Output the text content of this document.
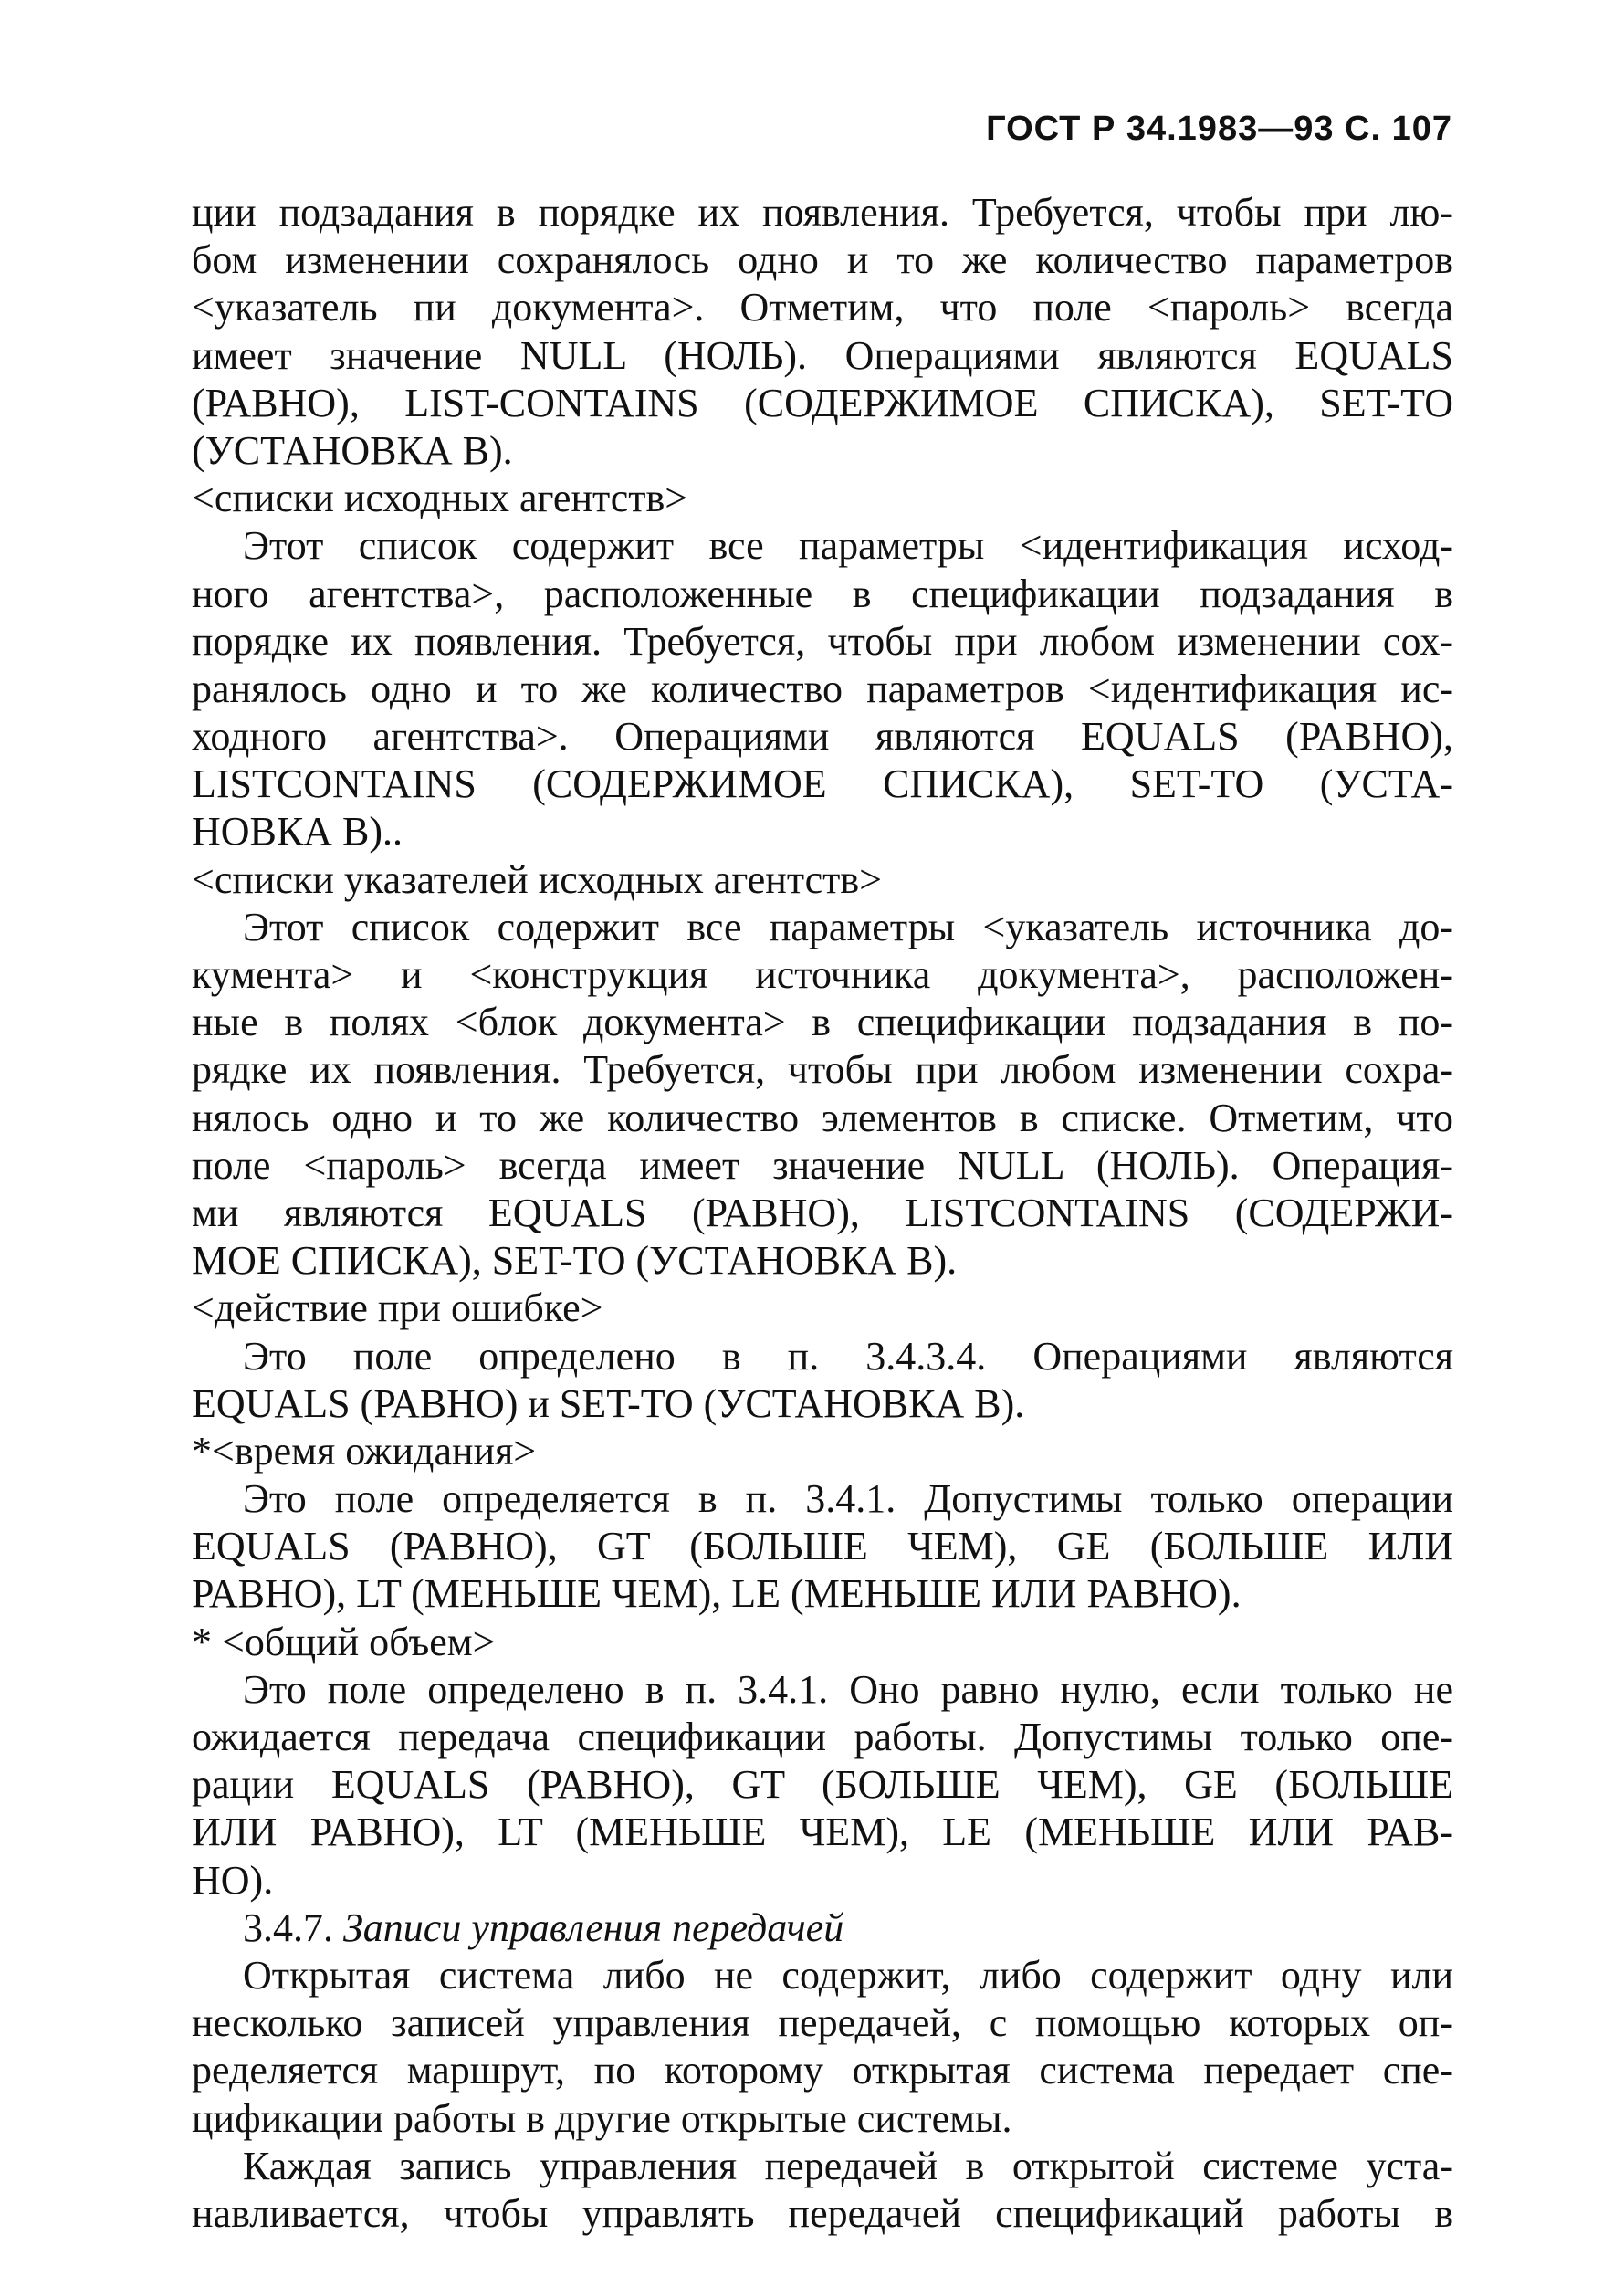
ГОСТ Р 34.1983—93 С. 107
ции подзадания в порядке их появления. Требуется, чтобы при лю-
бом изменении сохранялось одно и то же количество параметров
<указатель пи документа>. Отметим, что поле <пароль> всегда
имеет значение NULL (НОЛЬ). Операциями являются EQUALS
(РАВНО), LIST-CONTAINS (СОДЕРЖИМОЕ СПИСКА), SET-TO
(УСТАНОВКА В).
<списки исходных агентств>
Этот список содержит все параметры <идентификация исход-
ного агентства>, расположенные в спецификации подзадания в
порядке их появления. Требуется, чтобы при любом изменении сох-
ранялось одно и то же количество параметров <идентификация ис-
ходного агентства>. Операциями являются EQUALS (РАВНО),
LISTCONTAINS (СОДЕРЖИМОЕ СПИСКА), SET-TO (УСТА-
НОВКА В)..
<списки указателей исходных агентств>
Этот список содержит все параметры <указатель источника до-
кумента> и <конструкция источника документа>, расположен-
ные в полях <блок документа> в спецификации подзадания в по-
рядке их появления. Требуется, чтобы при любом изменении сохра-
нялось одно и то же количество элементов в списке. Отметим, что
поле <пароль> всегда имеет значение NULL (НОЛЬ). Операция-
ми являются EQUALS (РАВНО), LISTCONTAINS (СОДЕРЖИ-
МОЕ СПИСКА), SET-TO (УСТАНОВКА В).
<действие при ошибке>
Это поле определено в п. 3.4.3.4. Операциями являются
EQUALS (РАВНО) и SET-TO (УСТАНОВКА В).
*<время ожидания>
Это поле определяется в п. 3.4.1. Допустимы только операции
EQUALS (РАВНО), GT (БОЛЬШЕ ЧЕМ), GE (БОЛЬШЕ ИЛИ
РАВНО), LT (МЕНЬШЕ ЧЕМ), LE (МЕНЬШЕ ИЛИ РАВНО).
* <общий объем>
Это поле определено в п. 3.4.1. Оно равно нулю, если только не
ожидается передача спецификации работы. Допустимы только опе-
рации EQUALS (РАВНО), GT (БОЛЬШЕ ЧЕМ), GE (БОЛЬШЕ
ИЛИ РАВНО), LT (МЕНЬШЕ ЧЕМ), LE (МЕНЬШЕ ИЛИ РАВ-
НО).
3.4.7. Записи управления передачей
Открытая система либо не содержит, либо содержит одну или
несколько записей управления передачей, с помощью которых оп-
ределяется маршрут, по которому открытая система передает спе-
цификации работы в другие открытые системы.
Каждая запись управления передачей в открытой системе уста-
навливается, чтобы управлять передачей спецификаций работы в
